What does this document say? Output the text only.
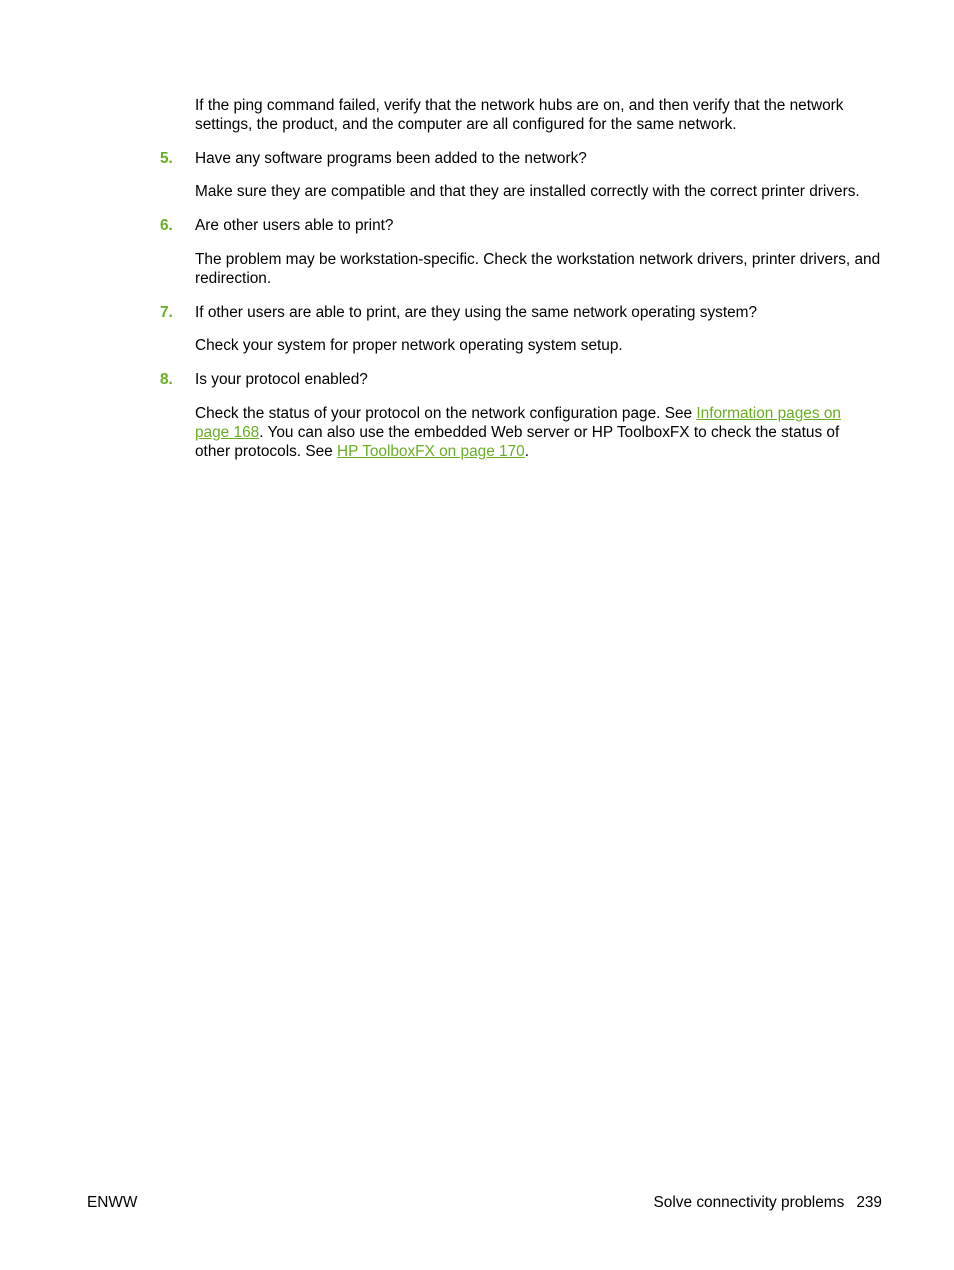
If the ping command failed, verify that the network hubs are on, and then verify that the network settings, the product, and the computer are all configured for the same network.

5. Have any software programs been added to the network?

Make sure they are compatible and that they are installed correctly with the correct printer drivers.

6. Are other users able to print?

The problem may be workstation-specific. Check the workstation network drivers, printer drivers, and redirection.

7. If other users are able to print, are they using the same network operating system?

Check your system for proper network operating system setup.

8. Is your protocol enabled?

Check the status of your protocol on the network configuration page. See Information pages on page 168. You can also use the embedded Web server or HP ToolboxFX to check the status of other protocols. See HP ToolboxFX on page 170.

ENWW	Solve connectivity problems 239
